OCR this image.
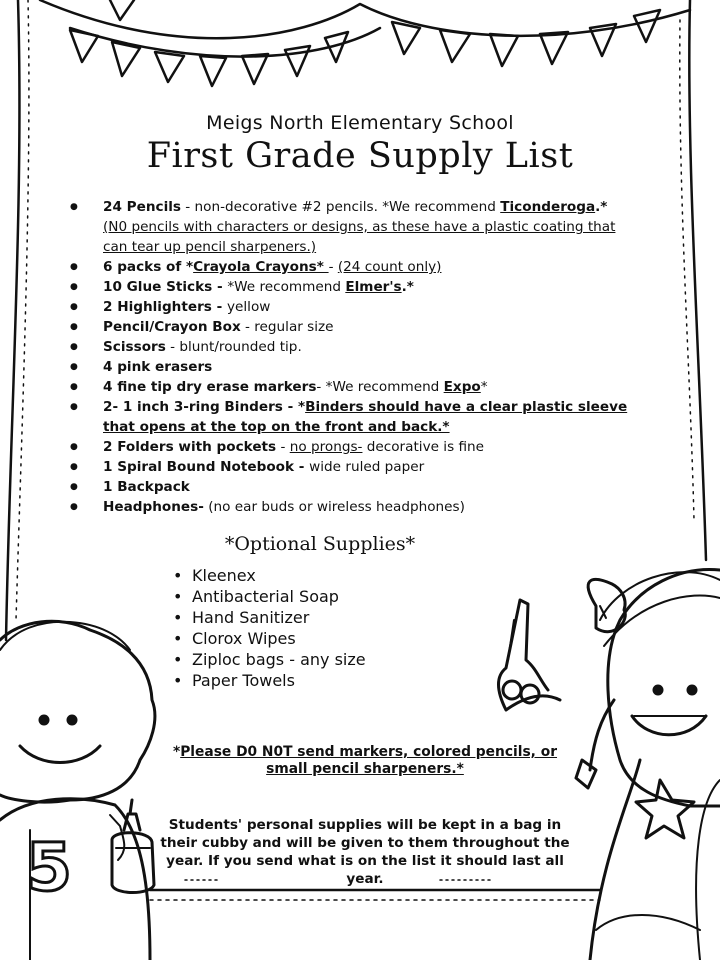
5
Meigs North Elementary School
First Grade Supply List
● 24 Pencils - non-decorative #2 pencils. *We recommend Ticonderoga.*
(N0 pencils with characters or designs, as these have a plastic coating that can tear up pencil sharpeners.)
● 6 packs of *Crayola Crayons* - (24 count only)
● 10 Glue Sticks - *We recommend Elmer's.*
● 2 Highlighters - yellow
● Pencil/Crayon Box - regular size
● Scissors - blunt/rounded tip.
● 4 pink erasers
● 4 fine tip dry erase markers- *We recommend Expo*
● 2- 1 inch 3-ring Binders - *Binders should have a clear plastic sleeve that opens at the top on the front and back.*
● 2 Folders with pockets - no prongs- decorative is fine
● 1 Spiral Bound Notebook - wide ruled paper
● 1 Backpack
● Headphones- (no ear buds or wireless headphones)
*Optional Supplies*
• Kleenex
• Antibacterial Soap
• Hand Sanitizer
• Clorox Wipes
• Ziploc bags - any size
• Paper Towels
*Please D0 N0T send markers, colored pencils, or small pencil sharpeners.*
Students' personal supplies will be kept in a bag in their cubby and will be given to them throughout the year. If you send what is on the list it should last all year.
